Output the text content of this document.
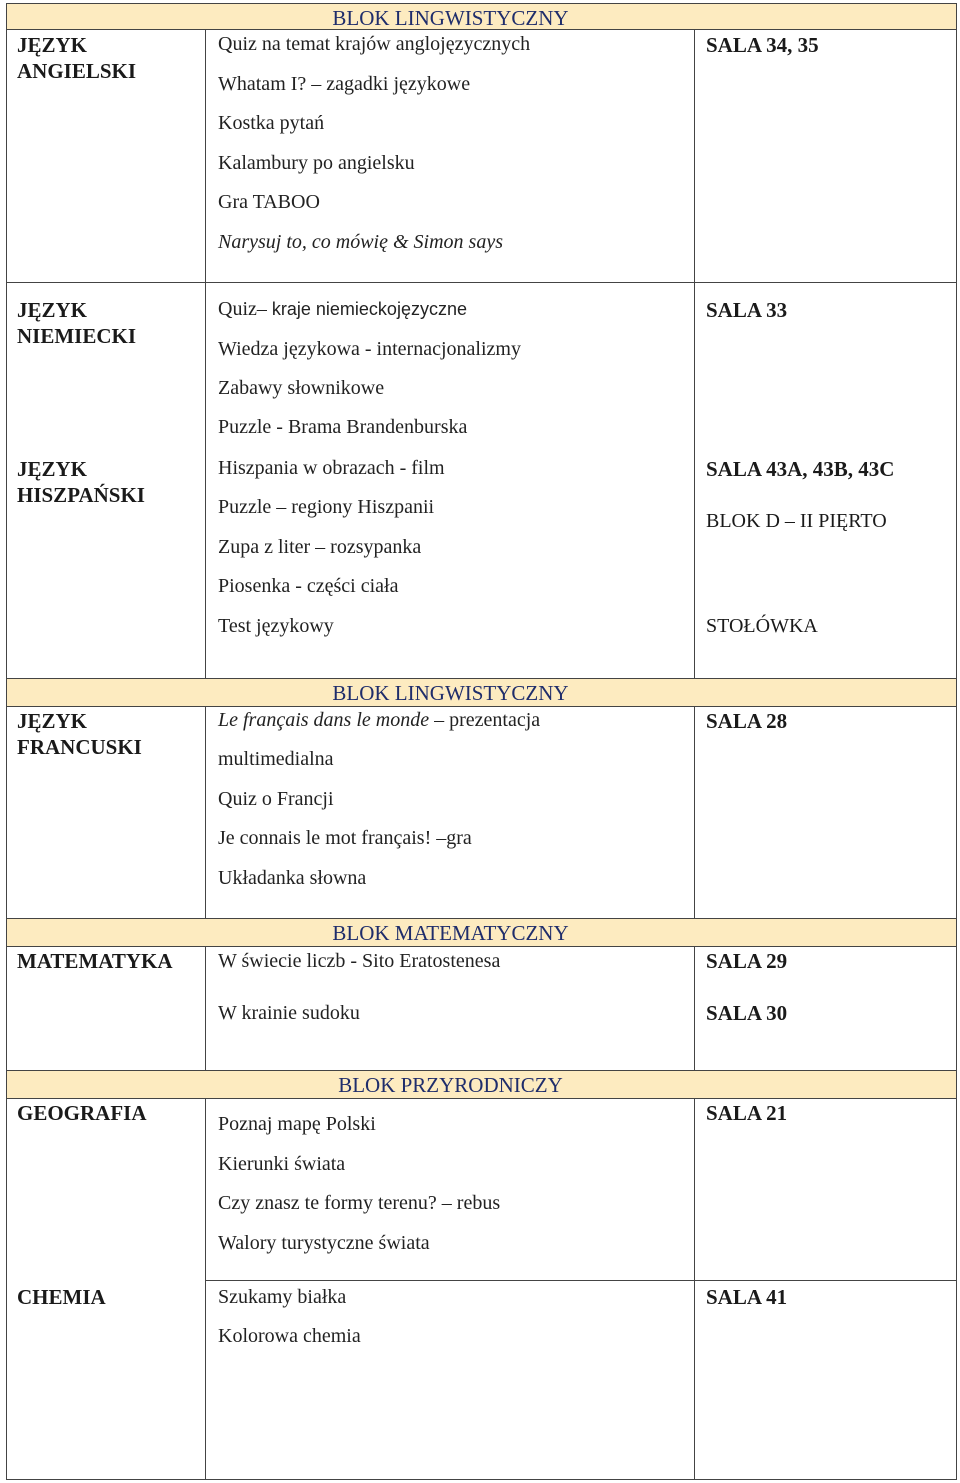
BLOK LINGWISTYCZNY
BLOK LINGWISTYCZNY
BLOK MATEMATYCZNY
BLOK PRZYRODNICZY
JĘZYK
ANGIELSKI
Quiz na temat krajów anglojęzycznych
Whatam I? – zagadki językowe
Kostka pytań
Kalambury po angielsku
Gra TABOO
Narysuj to, co mówię & Simon says
SALA 34, 35
JĘZYK
NIEMIECKI
Quiz– kraje niemieckojęzyczne
Wiedza językowa - internacjonalizmy
Zabawy słownikowe
Puzzle - Brama Brandenburska
SALA 33
JĘZYK
HISZPAŃSKI
Hiszpania w obrazach - film
Puzzle – regiony Hiszpanii
Zupa z liter – rozsypanka
Piosenka - części ciała
Test językowy
SALA 43A, 43B, 43C
BLOK D – II PIĘRTO
STOŁÓWKA
JĘZYK
FRANCUSKI
Le français dans le monde – prezentacja
multimedialna
Quiz o Francji
Je connais le mot français! –gra
Układanka słowna
SALA 28
MATEMATYKA W świecie liczb - Sito Eratostenesa
W krainie sudoku
SALA 29
SALA 30
GEOGRAFIA	Poznaj mapę Polski
Kierunki świata
Czy znasz te formy terenu? – rebus
Walory turystyczne świata
SALA 21
CHEMIA	Szukamy białka
Kolorowa chemia
SALA 41
